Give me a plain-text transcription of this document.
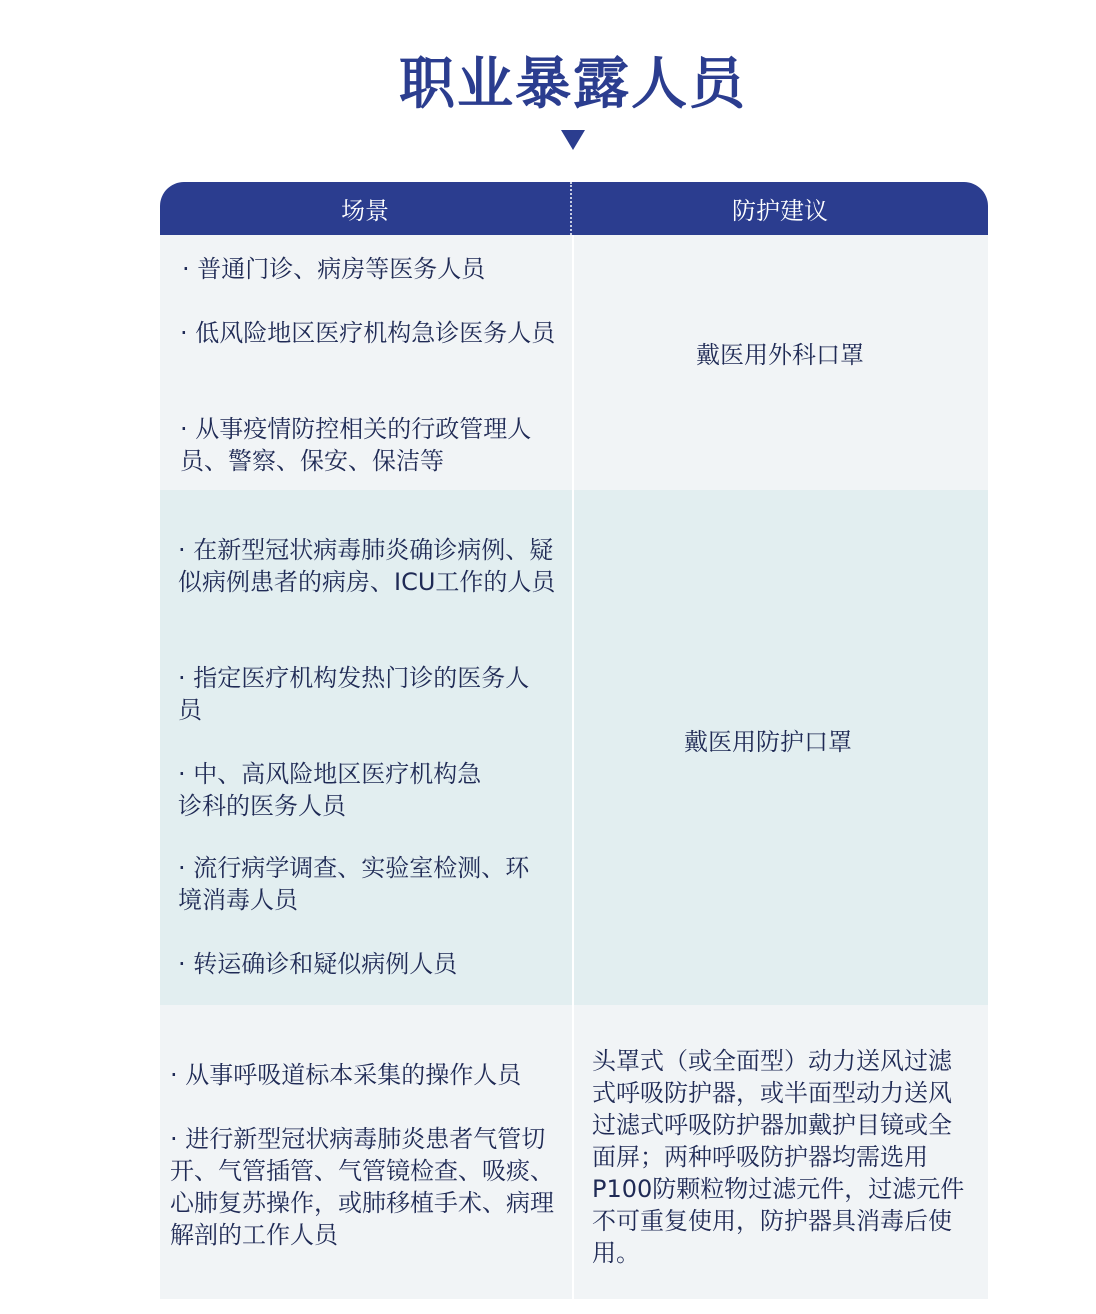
职业暴露人员
场景	防护建议
· 普通门诊、病房等医务人员
· 低风险地区医疗机构急诊医务人员
· 从事疫情防控相关的行政管理人员、警察、保安、保洁等
戴医用外科口罩
· 在新型冠状病毒肺炎确诊病例、疑似病例患者的病房、ICU工作的人员
· 指定医疗机构发热门诊的医务人员
· 中、高风险地区医疗机构急诊科的医务人员
· 流行病学调查、实验室检测、环境消毒人员
· 转运确诊和疑似病例人员
戴医用防护口罩
· 从事呼吸道标本采集的操作人员
· 进行新型冠状病毒肺炎患者气管切开、气管插管、气管镜检查、吸痰、心肺复苏操作，或肺移植手术、病理解剖的工作人员
头罩式（或全面型）动力送风过滤式呼吸防护器，或半面型动力送风过滤式呼吸防护器加戴护目镜或全面屏；两种呼吸防护器均需选用P100防颗粒物过滤元件，过滤元件不可重复使用，防护器具消毒后使用。
